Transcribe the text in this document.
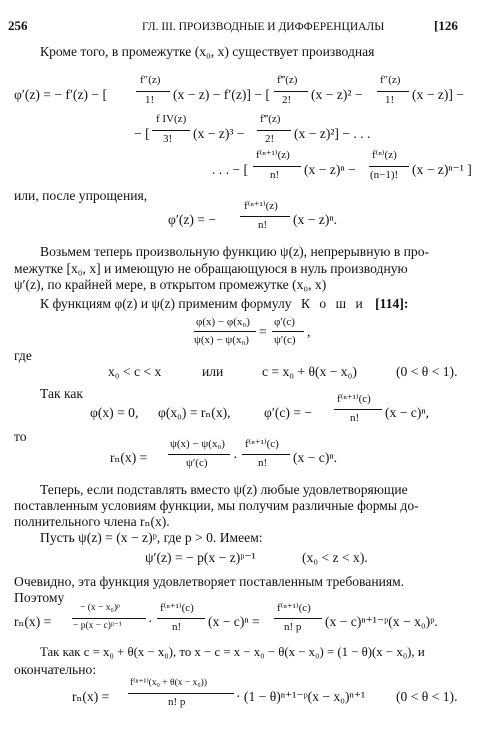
256	ГЛ. III. ПРОИЗВОДНЫЕ И ДИФФЕРЕНЦИАЛЫ	[126
Кроме того, в промежутке (x₀, x) существует производная
φ′(z) = − f′(z) − [
f″(z)
1! (x − z) − f′(z)] − [
f‴(z)
2! (x − z)² −
f″(z)
1! (x − z)] −
− [
f IV(z)
3! (x − z)³ −
f‴(z)
2! (x − z)²] − . . .
. . . − [
f⁽ⁿ⁺¹⁾(z)
n! (x − z)ⁿ −
f⁽ⁿ⁾(z)
(n−1)! (x − z)ⁿ⁻¹ ]
или, после упрощения,
φ′(z) = −
f⁽ⁿ⁺¹⁾(z)
n! (x − z)ⁿ.
Возьмем теперь произвольную функцию ψ(z), непрерывную в про-
межутке [x₀, x] и имеющую не обращающуюся в нуль производную
ψ′(z), по крайней мере, в открытом промежутке (x₀, x)
К функциям φ(z) и ψ(z) применим формулу К о ш и [114]:
φ(x) − φ(x₀)
ψ(x) − ψ(x₀)
=
φ′(c)
ψ′(c)
,
где
x₀ < c < x	или	c = x₀ + θ(x − x₀)	(0 < θ < 1).
Так как
φ(x) = 0, φ(x₀) = rₙ(x), φ′(c) = −
f⁽ⁿ⁺¹⁾(c)
n! (x − c)ⁿ,
то
rₙ(x) =
ψ(x) − ψ(x₀)
ψ′(c) ·
f⁽ⁿ⁺¹⁾(c)
n! (x − c)ⁿ.
Теперь, если подставлять вместо ψ(z) любые удовлетворяющие
поставленным условиям функции, мы получим различные формы до-
полнительного члена rₙ(x).
Пусть ψ(z) = (x − z)ᵖ, где p > 0. Имеем:
ψ′(z) = − p(x − z)ᵖ⁻¹	(x₀ < z < x).
Очевидно, эта функция удовлетворяет поставленным требованиям.
Поэтому
rₙ(x) =
− (x − x₀)ᵖ
− p(x − c)ᵖ⁻¹ ·
f⁽ⁿ⁺¹⁾(c)
n! (x − c)ⁿ =
f⁽ⁿ⁺¹⁾(c)
n! p (x − c)ⁿ⁺¹⁻ᵖ(x − x₀)ᵖ.
Так как c = x₀ + θ(x − x₀), то x − c = x − x₀ − θ(x − x₀) = (1 − θ)(x − x₀), и
окончательно:
rₙ(x) =
f⁽ⁿ⁺¹⁾(x₀ + θ(x − x₀))
n! p	· (1 − θ)ⁿ⁺¹⁻ᵖ(x − x₀)ⁿ⁺¹ (0 < θ < 1).
